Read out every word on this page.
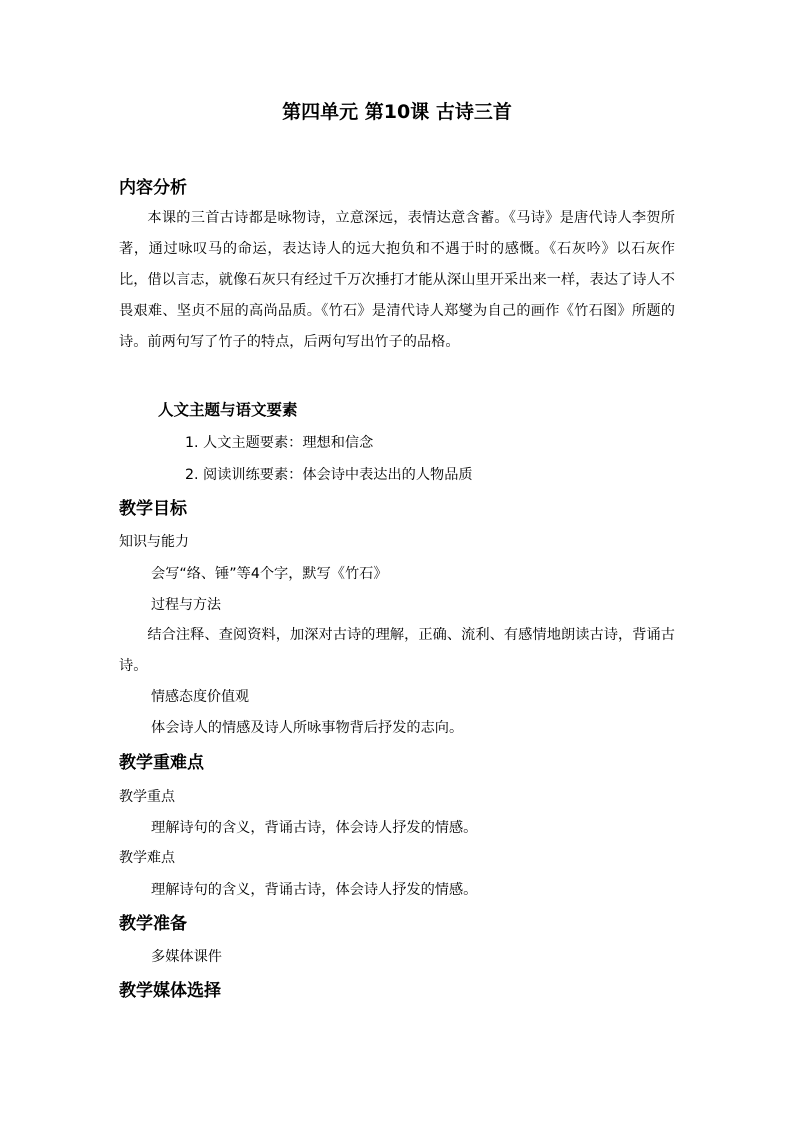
第四单元 第10课 古诗三首
内容分析
本课的三首古诗都是咏物诗，立意深远，表情达意含蓄。《马诗》是唐代诗人李贺所著，通过咏叹马的命运，表达诗人的远大抱负和不遇于时的感慨。《石灰吟》以石灰作比，借以言志，就像石灰只有经过千万次捶打才能从深山里开采出来一样，表达了诗人不畏艰难、坚贞不屈的高尚品质。《竹石》是清代诗人郑燮为自己的画作《竹石图》所题的诗。前两句写了竹子的特点，后两句写出竹子的品格。
人文主题与语文要素
1. 人文主题要素：理想和信念
2. 阅读训练要素：体会诗中表达出的人物品质
教学目标
知识与能力
会写“络、锤”等4个字，默写《竹石》
过程与方法
结合注释、查阅资料，加深对古诗的理解，正确、流利、有感情地朗读古诗，背诵古诗。
情感态度价值观
体会诗人的情感及诗人所咏事物背后抒发的志向。
教学重难点
教学重点
理解诗句的含义，背诵古诗，体会诗人抒发的情感。
教学难点
理解诗句的含义，背诵古诗，体会诗人抒发的情感。
教学准备
多媒体课件
教学媒体选择
